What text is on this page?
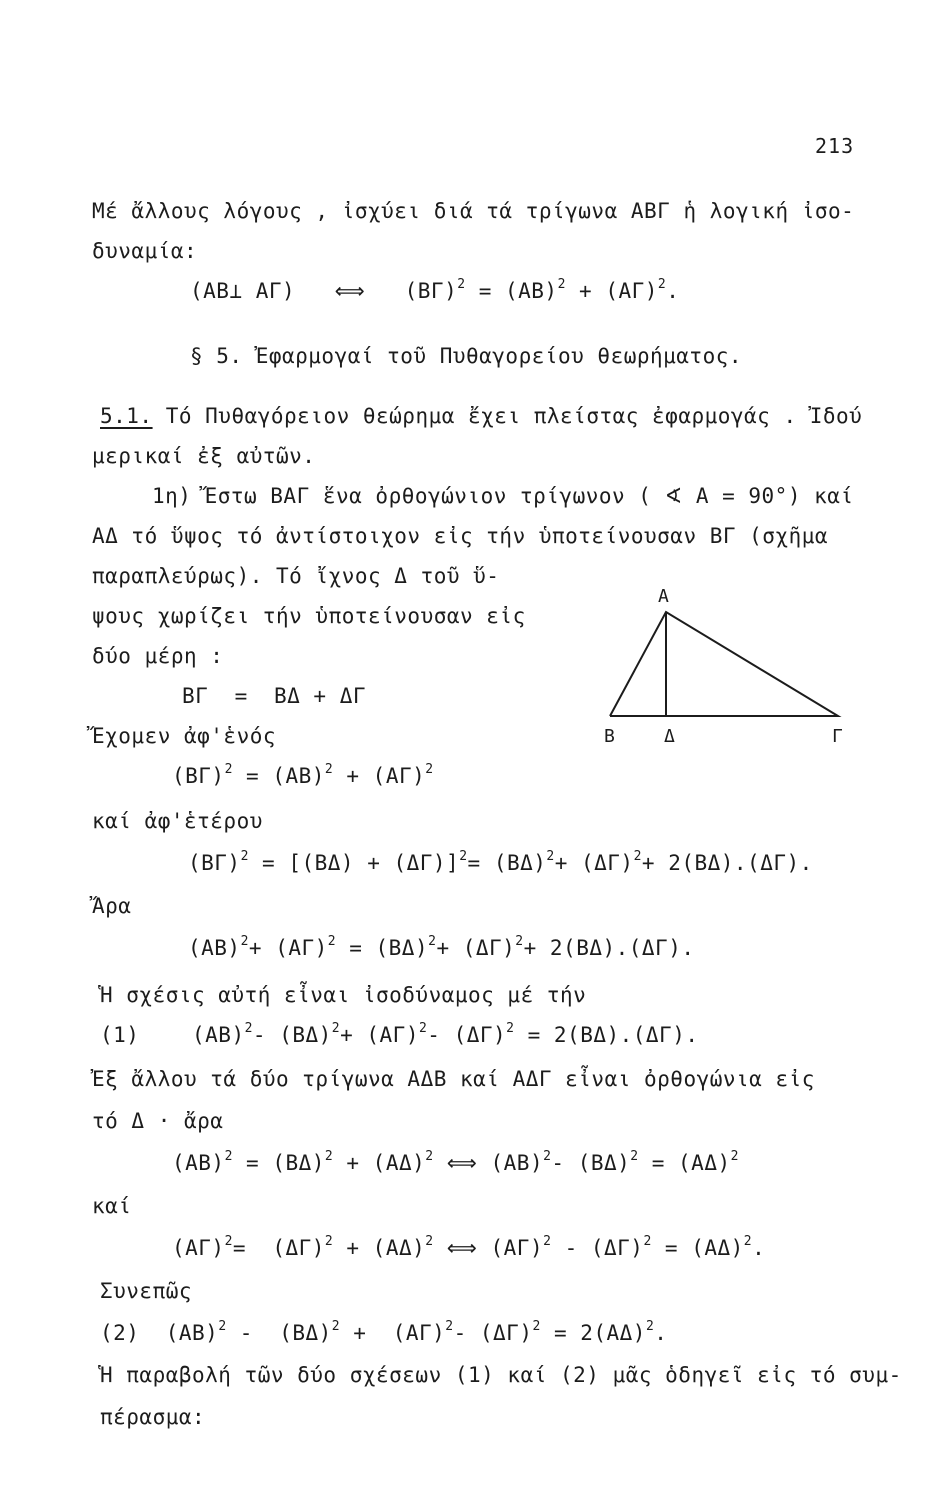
213
Μέ ἄλλους λόγους , ἰσχύει διά τά τρίγωνα ΑΒΓ ἡ λογική ἰσο-
δυναμία:
(ΑΒ⊥ ΑΓ) ⟺ $(B\Gamma)^2 = (AB)^2 + (A\Gamma)^2$.
§ 5. Ἐφαρμογαί τοῦ Πυθαγορείου θεωρήματος.
5.1. Τό Πυθαγόρειον θεώρημα ἔχει πλείστας ἐφαρμογάς . Ἰδού
μερικαί ἐξ αὐτῶν.
1η) Ἔστω ΒΑΓ ἕνα ὀρθογώνιον τρίγωνον ( ∢ Α = 90°) καί
ΑΔ τό ὕψος τό ἀντίστοιχον εἰς τήν ὑποτείνουσαν ΒΓ (σχῆμα
παραπλεύρως). Τό ἴχνος Δ τοῦ ὕ-
ψους χωρίζει τήν ὑποτείνουσαν εἰς
δύο μέρη :
ΒΓ  =  ΒΔ + ΔΓ
Α
Β	Δ	Γ
Ἔχομεν ἀφ'ἑνός
$(B\Gamma)^2 = (AB)^2 + (A\Gamma)^2$
καί ἀφ'ἑτέρου
$(B\Gamma)^2 = [(B\Delta) + (\Delta\Gamma)]^2= (B\Delta)^2+ (\Delta\Gamma)^2+ 2(B\Delta).(\Delta\Gamma)$.
Ἄρα
$(AB)^2+ (A\Gamma)^2 = (B\Delta)^2+ (\Delta\Gamma)^2+ 2(B\Delta).(\Delta\Gamma)$.
Ἡ σχέσις αὐτή εἶναι ἰσοδύναμος μέ τήν
(1)	$(AB)^2-$ $(B\Delta)^2+ (A\Gamma)^2-$ $(\Delta\Gamma)^2 = 2(B\Delta).(\Delta\Gamma)$.
Ἐξ ἄλλου τά δύο τρίγωνα ΑΔΒ καί ΑΔΓ εἶναι ὀρθογώνια εἰς
τό Δ · ἄρα
$(AB)^2 = (B\Delta)^2 + (A\Delta)^2$ ⟺ $(AB)^2-$ $(B\Delta)^2 = (A\Delta)^2$
καί
$(A\Gamma)^2= (\Delta\Gamma)^2 + (A\Delta)^2$ ⟺ $(A\Gamma)^2 - (\Delta\Gamma)^2 = (A\Delta)^2$.
Συνεπῶς
(2) $(AB)^2 - (B\Delta)^2 + (A\Gamma)^2-$ $(\Delta\Gamma)^2 = 2(A\Delta)^2$.
Ἡ παραβολή τῶν δύο σχέσεων (1) καί (2) μᾶς ὁδηγεῖ εἰς τό συμ-
πέρασμα:
